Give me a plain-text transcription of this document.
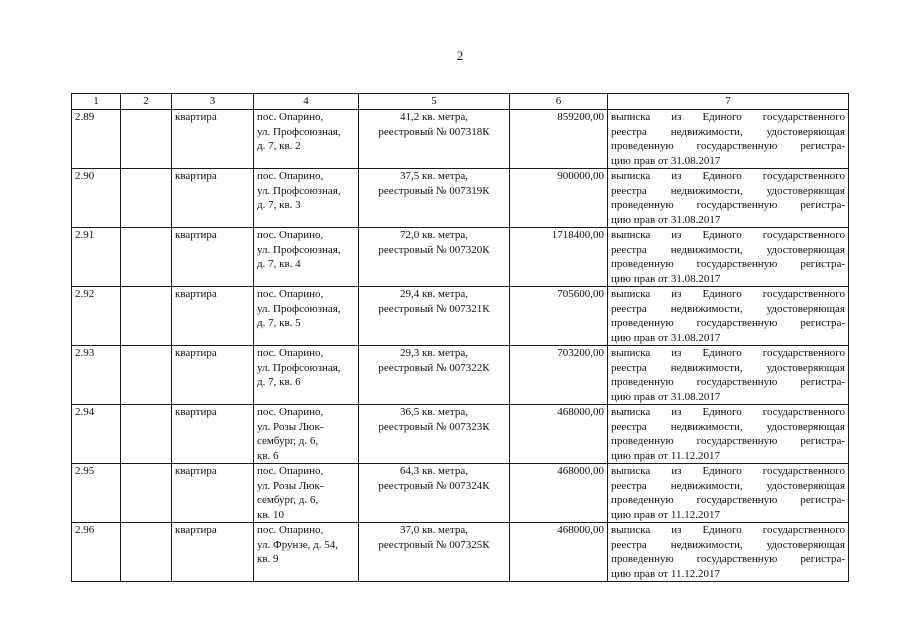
2
1	2	3	4	5	6	7
2.89		квартира	пос. Опарино,
ул. Профсоюзная,
д. 7, кв. 2	41,2 кв. метра,
реестровый № 007318К	859200,00	выписка из Единого государственного
реестра недвижимости, удостоверяющая
проведенную государственную регистра-
цию прав от 31.08.2017

2.90		квартира	пос. Опарино,
ул. Профсоюзная,
д. 7, кв. 3	37,5 кв. метра,
реестровый № 007319К	900000,00	выписка из Единого государственного
реестра недвижимости, удостоверяющая
проведенную государственную регистра-
цию прав от 31.08.2017

2.91		квартира	пос. Опарино,
ул. Профсоюзная,
д. 7, кв. 4	72,0 кв. метра,
реестровый № 007320К	1718400,00	выписка из Единого государственного
реестра недвижимости, удостоверяющая
проведенную государственную регистра-
цию прав от 31.08.2017

2.92		квартира	пос. Опарино,
ул. Профсоюзная,
д. 7, кв. 5	29,4 кв. метра,
реестровый № 007321К	705600,00	выписка из Единого государственного
реестра недвижимости, удостоверяющая
проведенную государственную регистра-
цию прав от 31.08.2017

2.93		квартира	пос. Опарино,
ул. Профсоюзная,
д. 7, кв. 6	29,3 кв. метра,
реестровый № 007322К	703200,00	выписка из Единого государственного
реестра недвижимости, удостоверяющая
проведенную государственную регистра-
цию прав от 31.08.2017

2.94		квартира	пос. Опарино,
ул. Розы Люк-
сембург, д. 6,
кв. 6	36,5 кв. метра,
реестровый № 007323К	468000,00	выписка из Единого государственного
реестра недвижимости, удостоверяющая
проведенную государственную регистра-
цию прав от 11.12.2017

2.95		квартира	пос. Опарино,
ул. Розы Люк-
сембург, д. 6,
кв. 10	64,3 кв. метра,
реестровый № 007324К	468000,00	выписка из Единого государственного
реестра недвижимости, удостоверяющая
проведенную государственную регистра-
цию прав от 11.12.2017

2.96		квартира	пос. Опарино,
ул. Фрунзе, д. 54,
кв. 9	37,0 кв. метра,
реестровый № 007325К	468000,00	выписка из Единого государственного
реестра недвижимости, удостоверяющая
проведенную государственную регистра-
цию прав от 11.12.2017
